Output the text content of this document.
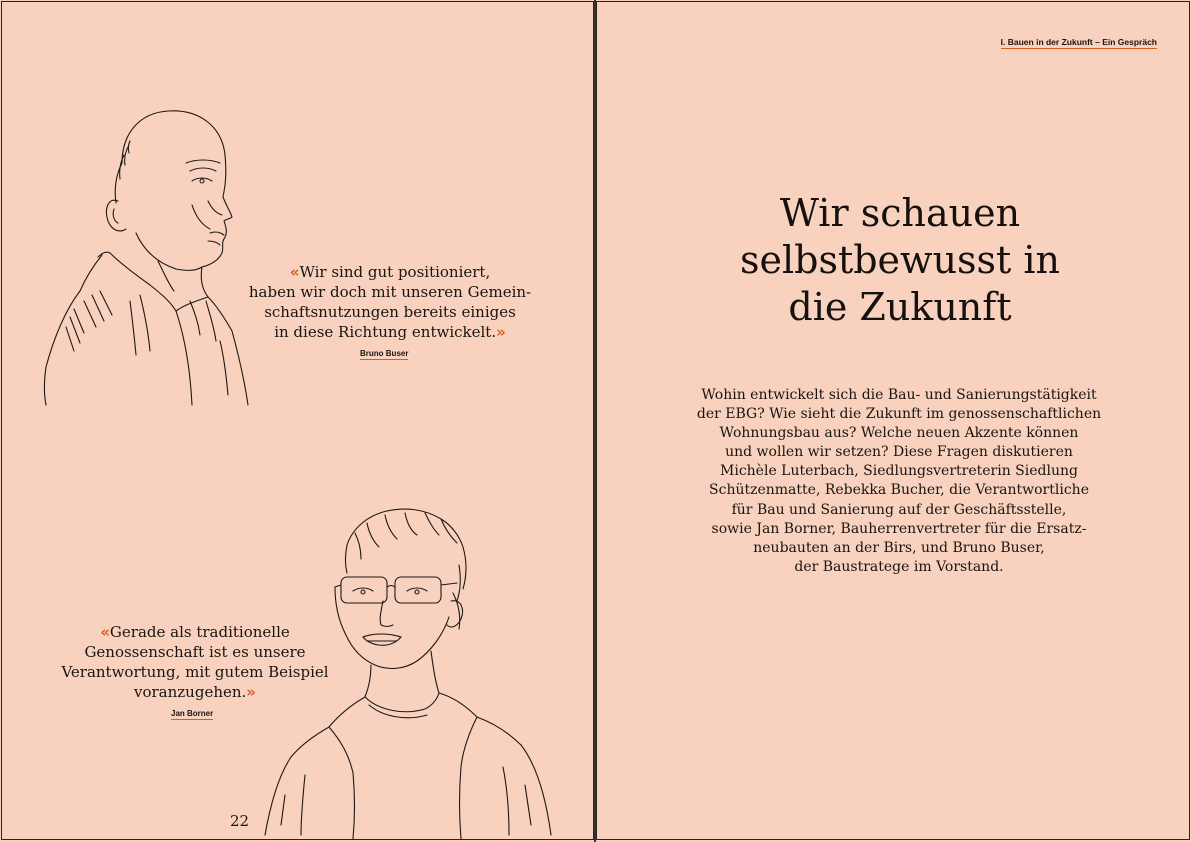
«Wir sind gut positioniert,
haben wir doch mit unseren Gemein-
schaftsnutzungen bereits einiges
in diese Richtung entwickelt.»
Bruno Buser
«Gerade als traditionelle
Genossenschaft ist es unsere
Verantwortung, mit gutem Beispiel
voranzugehen.»
Jan Borner
22
I. Bauen in der Zukunft – Ein Gespräch
Wir schauen
selbstbewusst in
die Zukunft
Wohin entwickelt sich die Bau- und Sanierungstätigkeit
der EBG? Wie sieht die Zukunft im genossenschaftlichen
Wohnungsbau aus? Welche neuen Akzente können
und wollen wir setzen? Diese Fragen diskutieren
Michèle Luterbach, Siedlungsvertreterin Siedlung
Schützenmatte, Rebekka Bucher, die Verantwortliche
für Bau und Sanierung auf der Geschäftsstelle,
sowie Jan Borner, Bauherrenvertreter für die Ersatz-
neubauten an der Birs, und Bruno Buser,
der Baustratege im Vorstand.
